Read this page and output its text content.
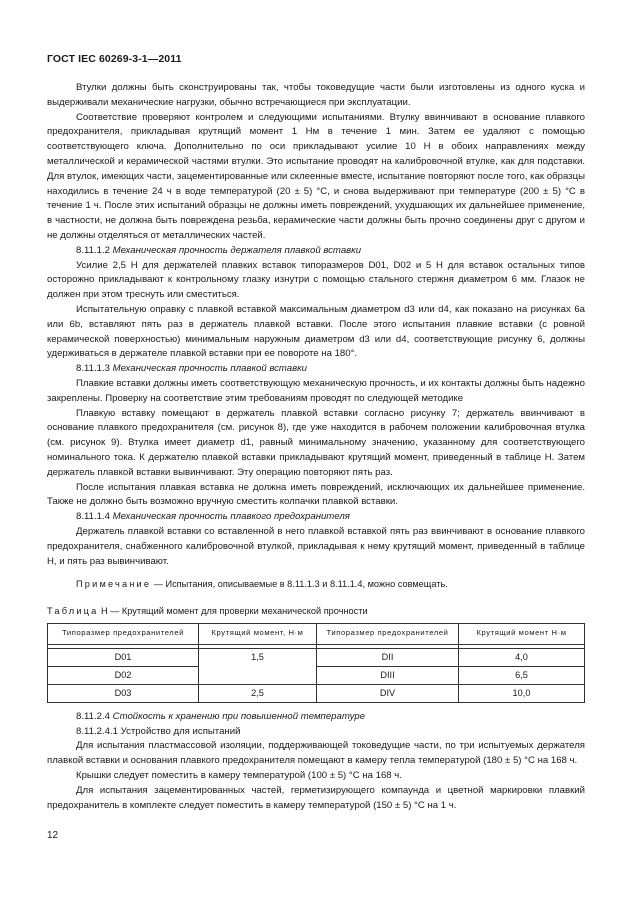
ГОСТ IEC 60269-3-1—2011

Втулки должны быть сконструированы так, чтобы токоведущие части были изготовлены из одного куска и выдерживали механические нагрузки, обычно встречающиеся при эксплуатации.

Соответствие проверяют контролем и следующими испытаниями. Втулку ввинчивают в основание плавкого предохранителя, прикладывая крутящий момент 1 Нм в течение 1 мин. Затем ее удаляют с помощью соответствующего ключа. Дополнительно по оси прикладывают усилие 10 Н в обоих направлениях между металлической и керамической частями втулки. Это испытание проводят на калибровочной втулке, как для подставки. Для втулок, имеющих части, зацементированные или склеенные вместе, испытание повторяют после того, как образцы находились в течение 24 ч в воде температурой (20 ± 5) °С, и снова выдерживают при температуре (200 ± 5) °С в течение 1 ч. После этих испытаний образцы не должны иметь повреждений, ухудшающих их дальнейшее применение, в частности, не должна быть повреждена резьба, керамические части должны быть прочно соединены друг с другом и не должны отделяться от металлических частей.

8.11.1.2 Механическая прочность держателя плавкой вставки

Усилие 2,5 Н для держателей плавких вставок типоразмеров D01, D02 и 5 Н для вставок остальных типов осторожно прикладывают к контрольному глазку изнутри с помощью стального стержня диаметром 6 мм. Глазок не должен при этом треснуть или сместиться.

Испытательную оправку с плавкой вставкой максимальным диаметром d3 или d4, как показано на рисунках 6а или 6b, вставляют пять раз в держатель плавкой вставки. После этого испытания плавкие вставки (с ровной керамической поверхностью) минимальным наружным диаметром d3 или d4, соответствующие рисунку 6, должны удерживаться в держателе плавкой вставки при ее повороте на 180°.

8.11.1.3 Механическая прочность плавкой вставки

Плавкие вставки должны иметь соответствующую механическую прочность, и их контакты должны быть надежно закреплены. Проверку на соответствие этим требованиям проводят по следующей методике

Плавкую вставку помещают в держатель плавкой вставки согласно рисунку 7; держатель ввинчивают в основание плавкого предохранителя (см. рисунок 8), где уже находится в рабочем положении калибровочная втулка (см. рисунок 9). Втулка имеет диаметр d1, равный минимальному значению, указанному для соответствующего номинального тока. К держателю плавкой вставки прикладывают крутящий момент, приведенный в таблице Н. Затем держатель плавкой вставки вывинчивают. Эту операцию повторяют пять раз.

После испытания плавкая вставка не должна иметь повреждений, исключающих их дальнейшее применение. Также не должно быть возможно вручную сместить колпачки плавкой вставки.

8.11.1.4 Механическая прочность плавкого предохранителя

Держатель плавкой вставки со вставленной в него плавкой вставкой пять раз ввинчивают в основание плавкого предохранителя, снабженного калибровочной втулкой, прикладывая к нему крутящий момент, приведенный в таблице Н, и пять раз вывинчивают.

Примечание — Испытания, описываемые в 8.11.1.3 и 8.11.1.4, можно совмещать.

Таблица Н — Крутящий момент для проверки механической прочности

Типоразмер предохранителей	Крутящий момент, Н·м	Типоразмер предохранителей	Крутящий момент Н·м

D01	1,5	DII	4,0
D02		DIII	6,5
D03	2,5	DIV	10,0

8.11.2.4 Стойкость к хранению при повышенной температуре

8.11.2.4.1 Устройство для испытаний

Для испытания пластмассовой изоляции, поддерживающей токоведущие части, по три испытуемых держателя плавкой вставки и основания плавкого предохранителя помещают в камеру тепла температурой (180 ± 5) °С на 168 ч.

Крышки следует поместить в камеру температурой (100 ± 5) °С на 168 ч.

Для испытания зацементированных частей, герметизирующего компаунда и цветной маркировки плавкий предохранитель в комплекте следует поместить в камеру температурой (150 ± 5) °С на 1 ч.

12
